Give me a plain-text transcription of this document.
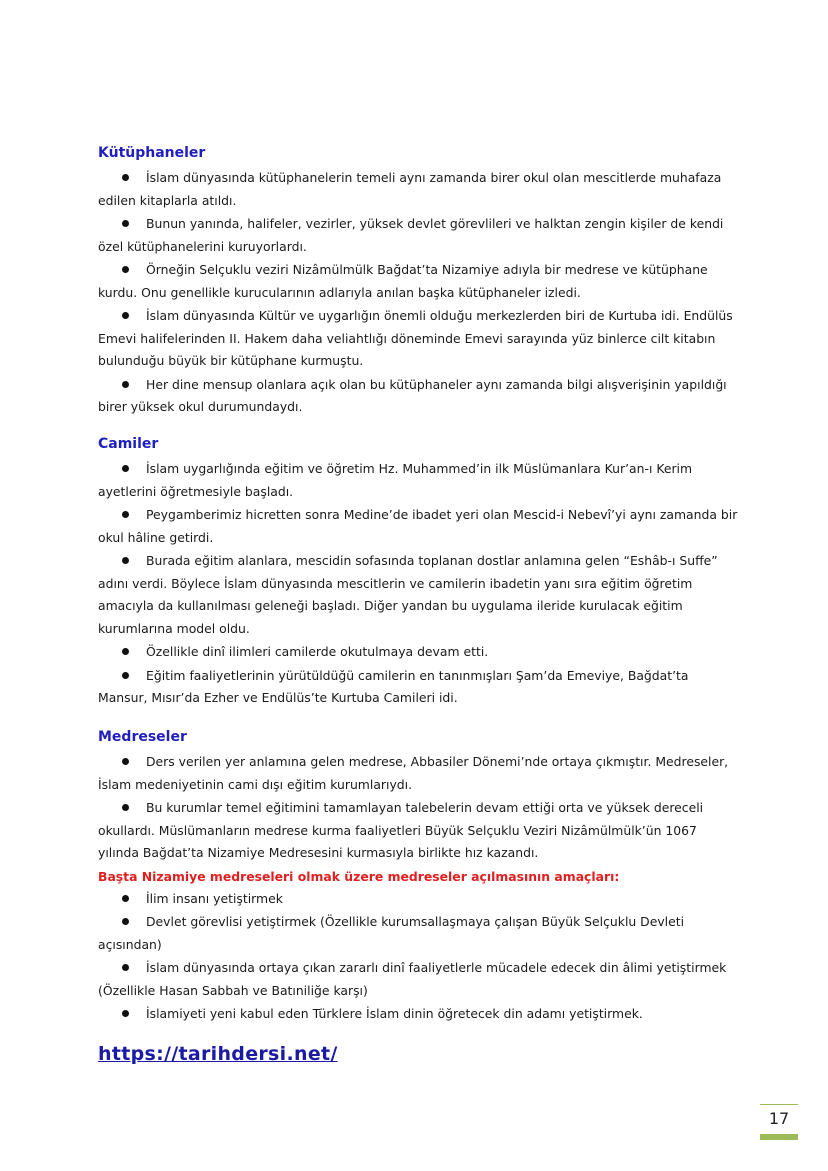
Kütüphaneler
İslam dünyasında kütüphanelerin temeli aynı zamanda birer okul olan mescitlerde muhafaza edilen kitaplarla atıldı.
Bunun yanında, halifeler, vezirler, yüksek devlet görevlileri ve halktan zengin kişiler de kendi özel kütüphanelerini kuruyorlardı.
Örneğin Selçuklu veziri Nizâmülmülk Bağdat’ta Nizamiye adıyla bir medrese ve kütüphane kurdu. Onu genellikle kurucularının adlarıyla anılan başka kütüphaneler izledi.
İslam dünyasında Kültür ve uygarlığın önemli olduğu merkezlerden biri de Kurtuba idi. Endülüs Emevi halifelerinden II. Hakem daha veliahtlığı döneminde Emevi sarayında yüz binlerce cilt kitabın bulunduğu büyük bir kütüphane kurmuştu.
Her dine mensup olanlara açık olan bu kütüphaneler aynı zamanda bilgi alışverişinin yapıldığı birer yüksek okul durumundaydı.
Camiler
İslam uygarlığında eğitim ve öğretim Hz. Muhammed’in ilk Müslümanlara Kur’an-ı Kerim ayetlerini öğretmesiyle başladı.
Peygamberimiz hicretten sonra Medine’de ibadet yeri olan Mescid-i Nebevî’yi aynı zamanda bir okul hâline getirdi.
Burada eğitim alanlara, mescidin sofasında toplanan dostlar anlamına gelen “Eshâb-ı Suffe” adını verdi. Böylece İslam dünyasında mescitlerin ve camilerin ibadetin yanı sıra eğitim öğretim amacıyla da kullanılması geleneği başladı. Diğer yandan bu uygulama ileride kurulacak eğitim kurumlarına model oldu.
Özellikle dinî ilimleri camilerde okutulmaya devam etti.
Eğitim faaliyetlerinin yürütüldüğü camilerin en tanınmışları Şam’da Emeviye, Bağdat’ta Mansur, Mısır’da Ezher ve Endülüs’te Kurtuba Camileri idi.
Medreseler
Ders verilen yer anlamına gelen medrese, Abbasiler Dönemi’nde ortaya çıkmıştır. Medreseler, İslam medeniyetinin cami dışı eğitim kurumlarıydı.
Bu kurumlar temel eğitimini tamamlayan talebelerin devam ettiği orta ve yüksek dereceli okullardı. Müslümanların medrese kurma faaliyetleri Büyük Selçuklu Veziri Nizâmülmülk’ün 1067 yılında Bağdat’ta Nizamiye Medresesini kurmasıyla birlikte hız kazandı.
Başta Nizamiye medreseleri olmak üzere medreseler açılmasının amaçları:
İlim insanı yetiştirmek
Devlet görevlisi yetiştirmek (Özellikle kurumsallaşmaya çalışan Büyük Selçuklu Devleti açısından)
İslam dünyasında ortaya çıkan zararlı dinî faaliyetlerle mücadele edecek din âlimi yetiştirmek (Özellikle Hasan Sabbah ve Batıniliğe karşı)
İslamiyeti yeni kabul eden Türklere İslam dinin öğretecek din adamı yetiştirmek.
https://tarihdersi.net/
17
